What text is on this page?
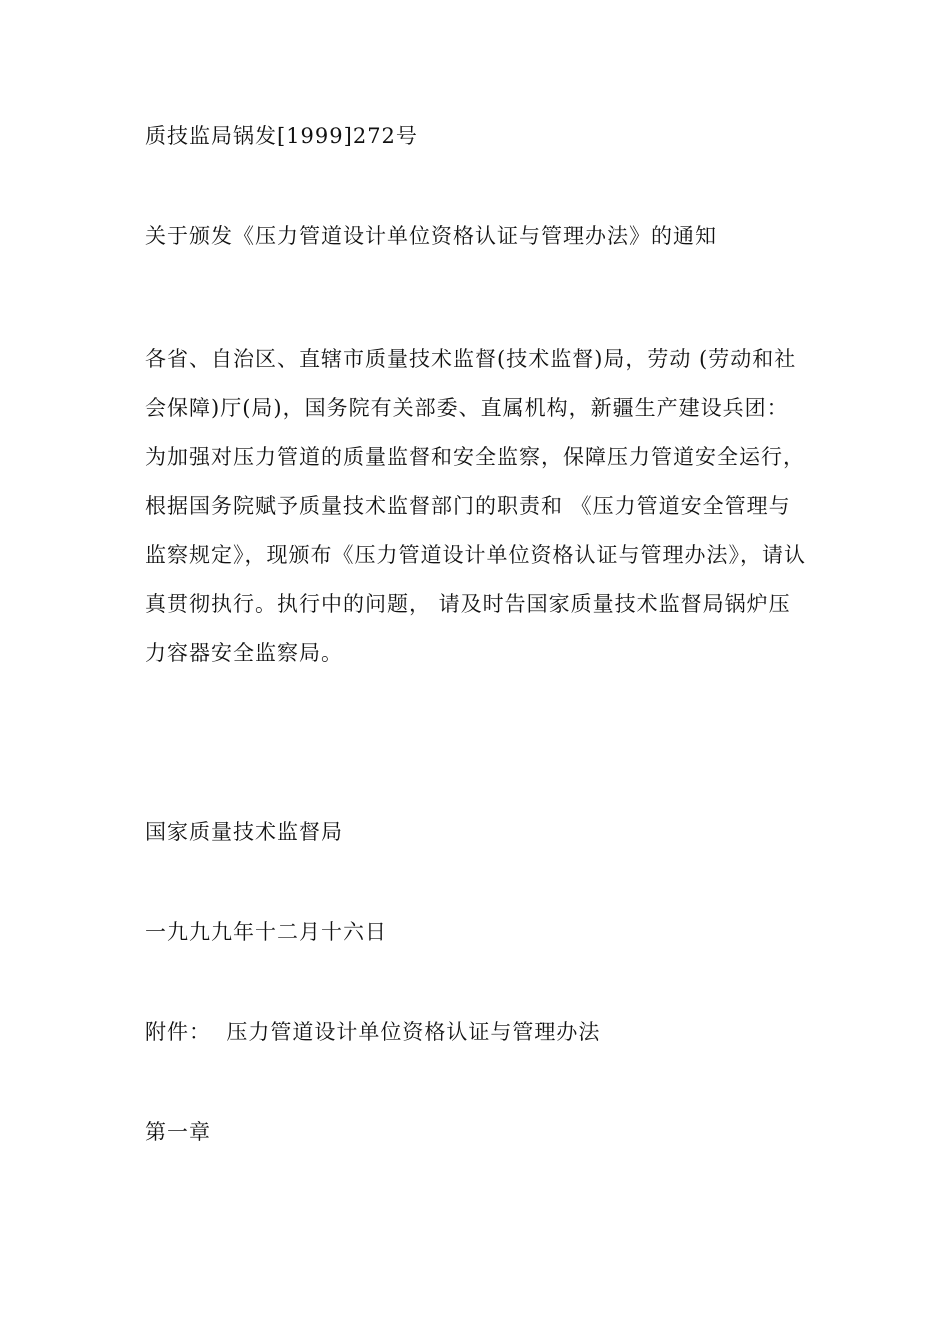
质技监局锅发[1999]272号
关于颁发《压力管道设计单位资格认证与管理办法》的通知
各省、自治区、直辖市质量技术监督(技术监督)局，劳动 (劳动和社
会保障)厅(局)，国务院有关部委、直属机构，新疆生产建设兵团：
为加强对压力管道的质量监督和安全监察，保障压力管道安全运行，
根据国务院赋予质量技术监督部门的职责和 《压力管道安全管理与
监察规定》，现颁布《压力管道设计单位资格认证与管理办法》，请认
真贯彻执行。执行中的问题， 请及时告国家质量技术监督局锅炉压
力容器安全监察局。
国家质量技术监督局
一九九九年十二月十六日
附件：  压力管道设计单位资格认证与管理办法
第一章
